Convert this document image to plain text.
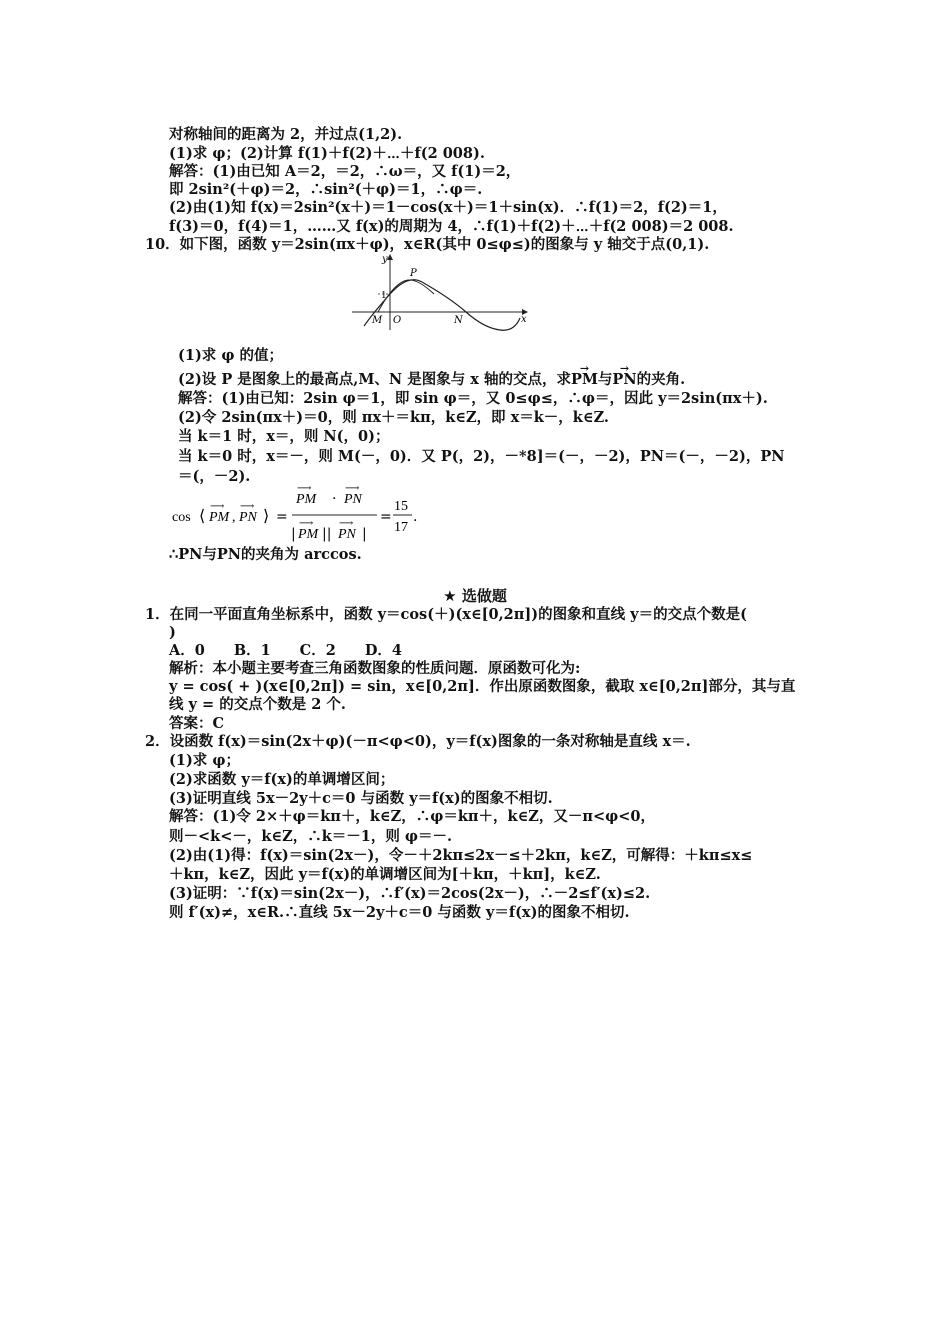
对称轴间的距离为 2，并过点(1,2).
(1)求 φ；(2)计算 f(1)＋f(2)＋⋯＋f(2 008).
解答：(1)由已知 A＝2，＝2，∴ω＝，又 f(1)＝2，
即 2sin²(＋φ)＝2，∴sin²(＋φ)＝1，∴φ＝.
(2)由(1)知 f(x)＝2sin²(x＋)＝1－cos(x＋)＝1＋sin(x)．∴f(1)＝2，f(2)＝1，
f(3)＝0，f(4)＝1，……又 f(x)的周期为 4，∴f(1)＋f(2)＋⋯＋f(2 008)＝2 008.
10．如下图，函数 y＝2sin(πx＋φ)，x∈R(其中 0≤φ≤)的图象与 y 轴交于点(0,1).
y
x
P
1
M O	N
(1)求 φ 的值；
(2)设 P 是图象上的最高点,M、N 是图象与 x 轴的交点，求→ PM与→ PN的夹角.
解答：(1)由已知：2sin φ＝1，即 sin φ＝，又 0≤φ≤，∴φ＝，因此 y＝2sin(πx＋).
(2)令 2sin(πx＋)＝0，则 πx＋＝kπ，k∈Z，即 x＝k－，k∈Z.
当 k＝1 时，x＝，则 N(，0)；
当 k＝0 时，x＝－，则 M(－，0)．又 P(，2)，－*8]＝(－，－2)，PN＝(－，－2)，PN
＝(，－2).
cos ⟨ PM
⟶
, PN
⟶
⟩ =
PM
⟶
· PN
⟶
| PM
⟶
|| PN
⟶
|
=
15
17
.
∴PN与PN的夹角为 arccos.
★ 选做题
1．在同一平面直角坐标系中，函数 y＝cos(＋)(x∈[0,2π])的图象和直线 y＝的交点个数是(
)
A．0　　B．1　　C．2　　D．4
解析：本小题主要考查三角函数图象的性质问题．原函数可化为:
y = cos( + )(x∈[0,2π]) = sin，x∈[0,2π]．作出原函数图象，截取 x∈[0,2π]部分，其与直
线 y = 的交点个数是 2 个.
答案：C
2．设函数 f(x)＝sin(2x＋φ)(－π<φ<0)，y＝f(x)图象的一条对称轴是直线 x＝.
(1)求 φ；
(2)求函数 y＝f(x)的单调增区间；
(3)证明直线 5x－2y＋c＝0 与函数 y＝f(x)的图象不相切.
解答：(1)令 2×＋φ＝kπ＋，k∈Z，∴φ＝kπ＋，k∈Z，又－π<φ<0，
则－<k<－，k∈Z，∴k＝－1，则 φ＝－.
(2)由(1)得：f(x)＝sin(2x－)，令－＋2kπ≤2x－≤＋2kπ，k∈Z，可解得：＋kπ≤x≤
＋kπ，k∈Z，因此 y＝f(x)的单调增区间为[＋kπ，＋kπ]，k∈Z.
(3)证明：∵f(x)＝sin(2x－)，∴f′(x)＝2cos(2x－)，∴－2≤f′(x)≤2.
则 f′(x)≠，x∈R.∴直线 5x－2y＋c＝0 与函数 y＝f(x)的图象不相切.
